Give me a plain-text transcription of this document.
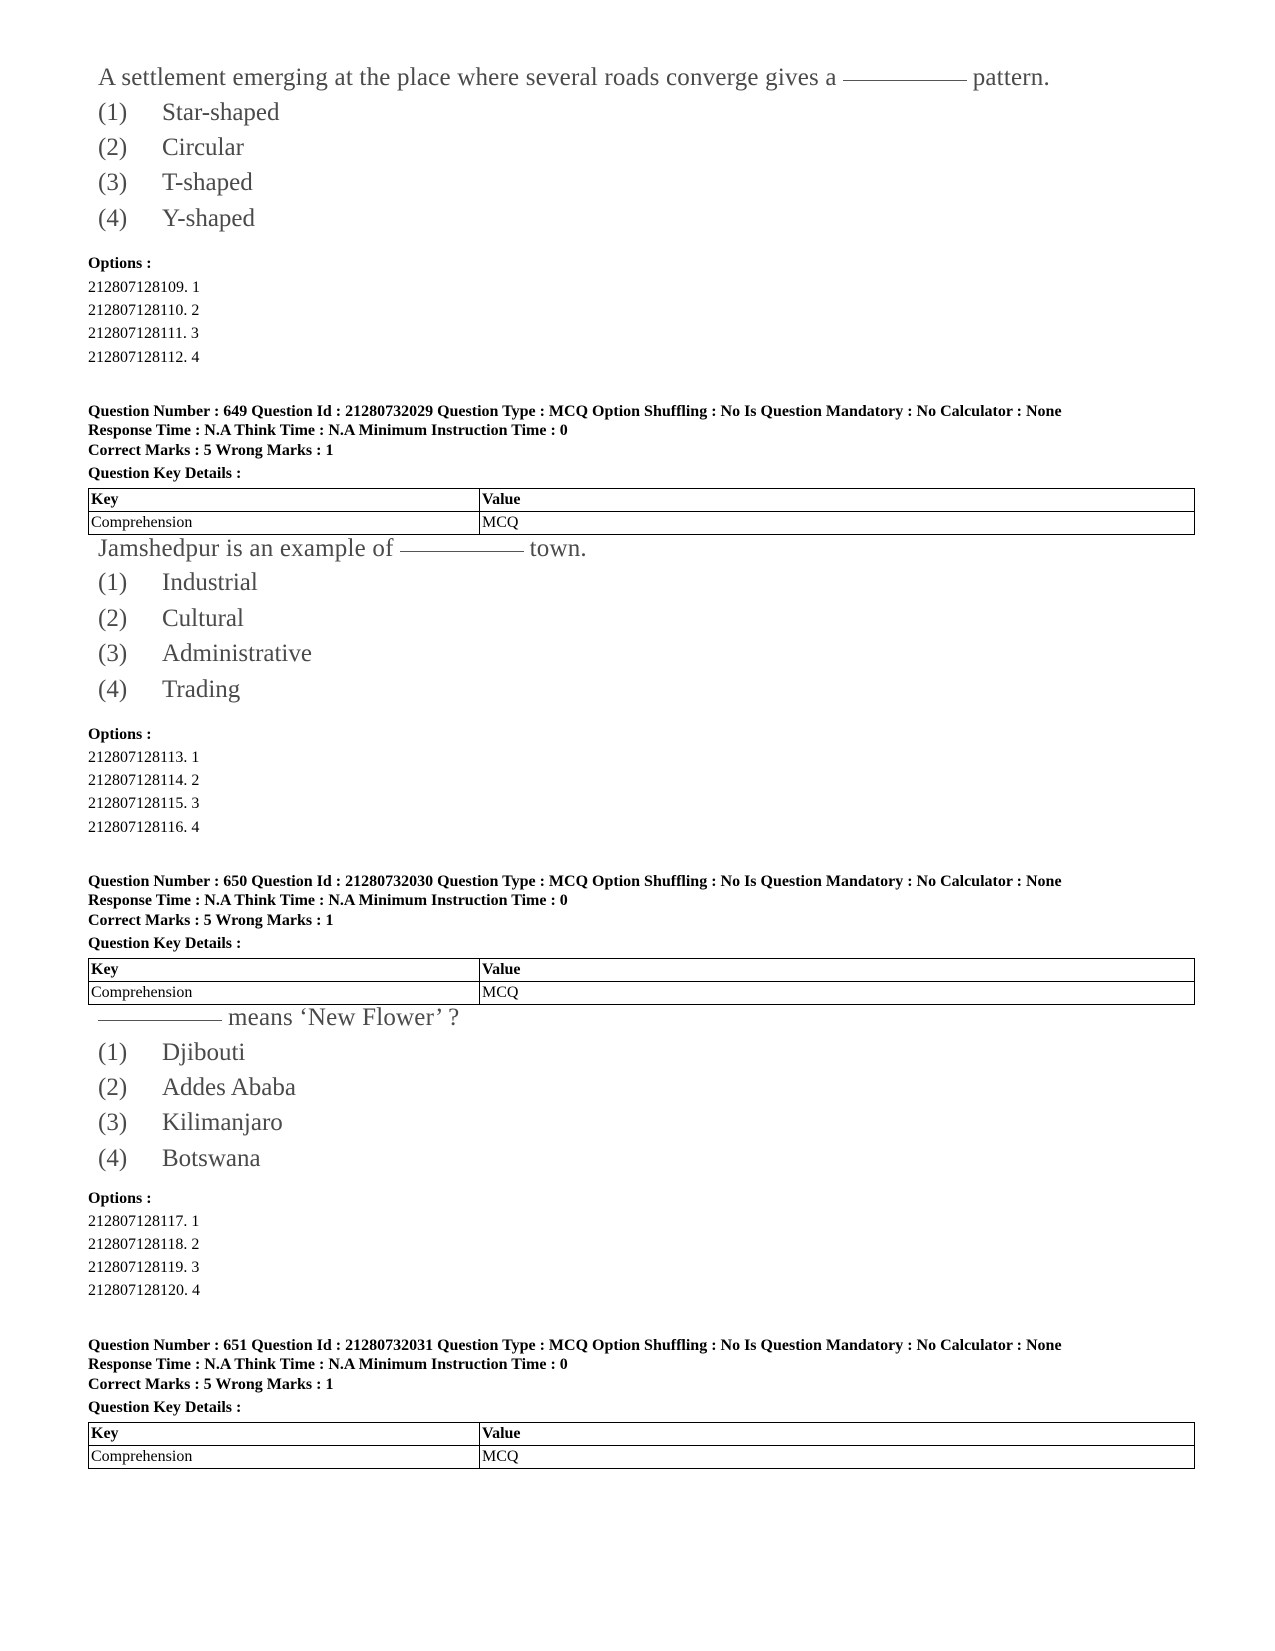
A settlement emerging at the place where several roads converge gives a	pattern.
(1) Star-shaped
(2) Circular
(3) T-shaped
(4) Y-shaped
Options :
212807128109. 1
212807128110. 2
212807128111. 3
212807128112. 4
Question Number : 649 Question Id : 21280732029 Question Type : MCQ Option Shuffling : No Is Question Mandatory : No Calculator : None
Response Time : N.A Think Time : N.A Minimum Instruction Time : 0
Correct Marks : 5 Wrong Marks : 1
Question Key Details :
Key	Value
Comprehension	MCQ
Jamshedpur is an example of	town.
(1) Industrial
(2) Cultural
(3) Administrative
(4) Trading
Options :
212807128113. 1
212807128114. 2
212807128115. 3
212807128116. 4
Question Number : 650 Question Id : 21280732030 Question Type : MCQ Option Shuffling : No Is Question Mandatory : No Calculator : None
Response Time : N.A Think Time : N.A Minimum Instruction Time : 0
Correct Marks : 5 Wrong Marks : 1
Question Key Details :
Key	Value
Comprehension	MCQ
means ‘New Flower’ ?
(1) Djibouti
(2) Addes Ababa
(3) Kilimanjaro
(4) Botswana
Options :
212807128117. 1
212807128118. 2
212807128119. 3
212807128120. 4
Question Number : 651 Question Id : 21280732031 Question Type : MCQ Option Shuffling : No Is Question Mandatory : No Calculator : None
Response Time : N.A Think Time : N.A Minimum Instruction Time : 0
Correct Marks : 5 Wrong Marks : 1
Question Key Details :
Key	Value
Comprehension	MCQ
